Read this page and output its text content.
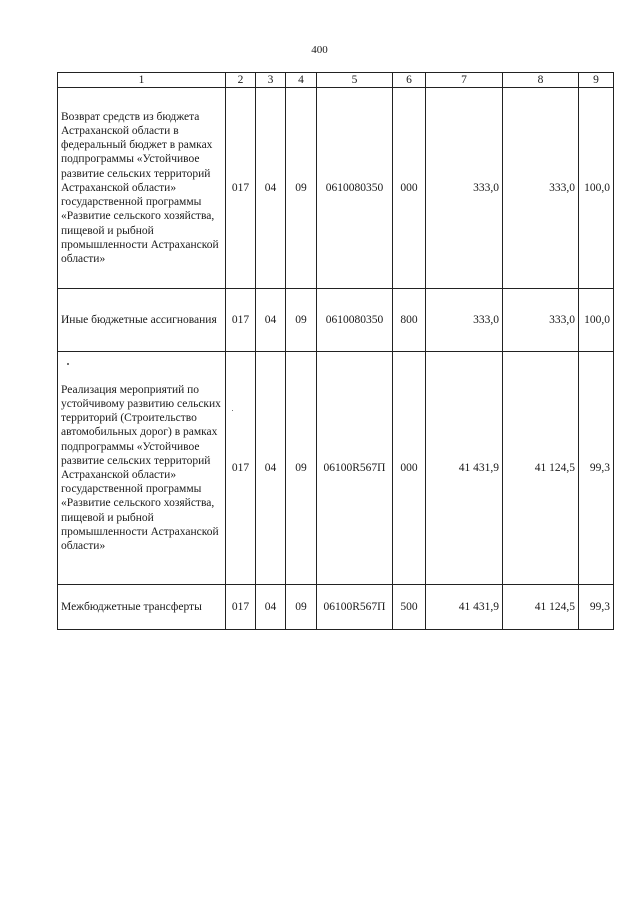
400
1	2	3	4	5	6	7	8	9
Возврат средств из бюджета Астраханской области в федеральный бюджет в рамках подпрограммы «Устойчивое развитие сельских территорий Астраханской области» государственной программы «Развитие сельского хозяйства, пищевой и рыбной промышленности Астраханской области»	017	04	09	0610080350	000	333,0	333,0	100,0
Иные бюджетные ассигнования	017	04	09	0610080350	800	333,0	333,0	100,0
Реализация мероприятий по устойчивому развитию сельских территорий (Строительство автомобильных дорог) в рамках подпрограммы «Устойчивое развитие сельских территорий Астраханской области» государственной программы «Развитие сельского хозяйства, пищевой и рыбной промышленности Астраханской области»	017	04	09	06100R567П	000	41 431,9	41 124,5	99,3
Межбюджетные трансферты	017	04	09	06100R567П	500	41 431,9	41 124,5	99,3
